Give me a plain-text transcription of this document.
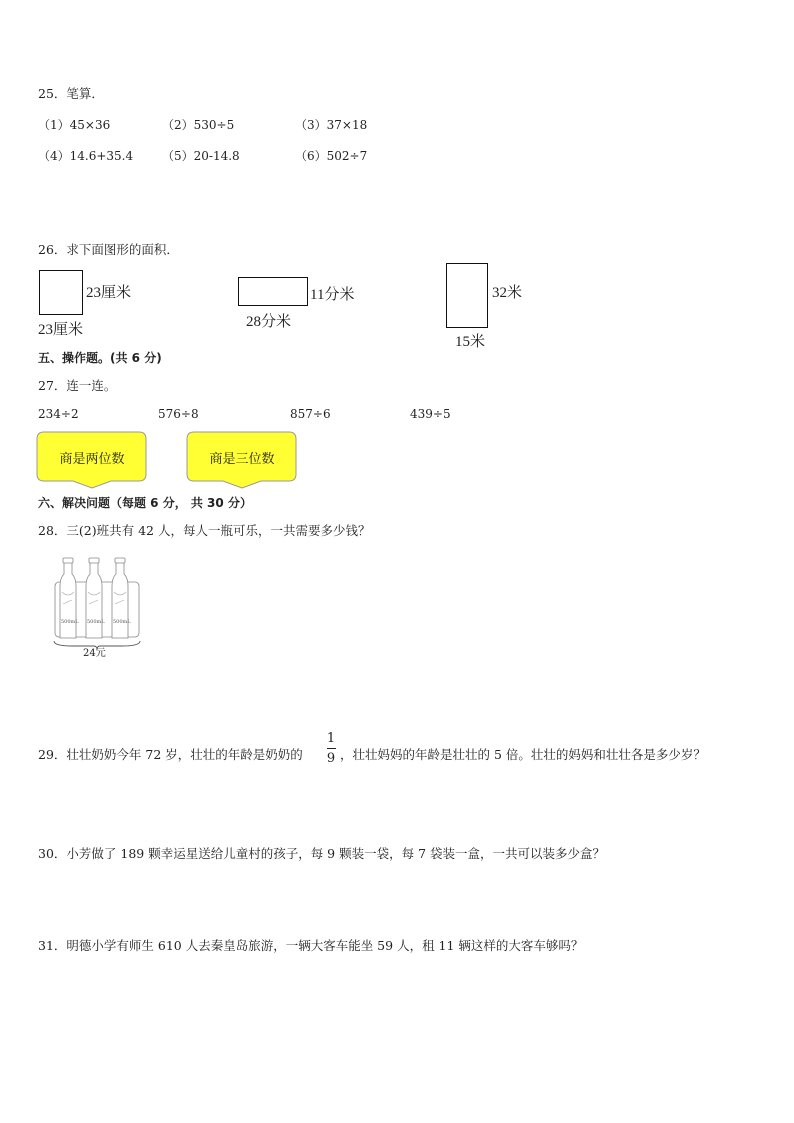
25．笔算．
（1）45×36	（2）530÷5	（3）37×18
（4）14.6+35.4 （5）20-14.8	（6）502÷7
26．求下面图形的面积．
23厘米
23厘米
11分米
28分米
32米
15米
五、操作题。(共 6 分)
27．连一连。
234÷2	576÷8	857÷6	439÷5
商是两位数	商是三位数
六、解决问题（每题 6 分， 共 30 分）
28．三(2)班共有 42 人，每人一瓶可乐，一共需要多少钱？
500mL 500mL 500mL
24元
29．壮壮奶奶今年 72 岁，壮壮的年龄是奶奶的
1
9 ，壮壮妈妈的年龄是壮壮的 5 倍。壮壮的妈妈和壮壮各是多少岁？
30．小芳做了 189 颗幸运星送给儿童村的孩子，每 9 颗装一袋，每 7 袋装一盒，一共可以装多少盒？
31．明德小学有师生 610 人去秦皇岛旅游，一辆大客车能坐 59 人，租 11 辆这样的大客车够吗？
